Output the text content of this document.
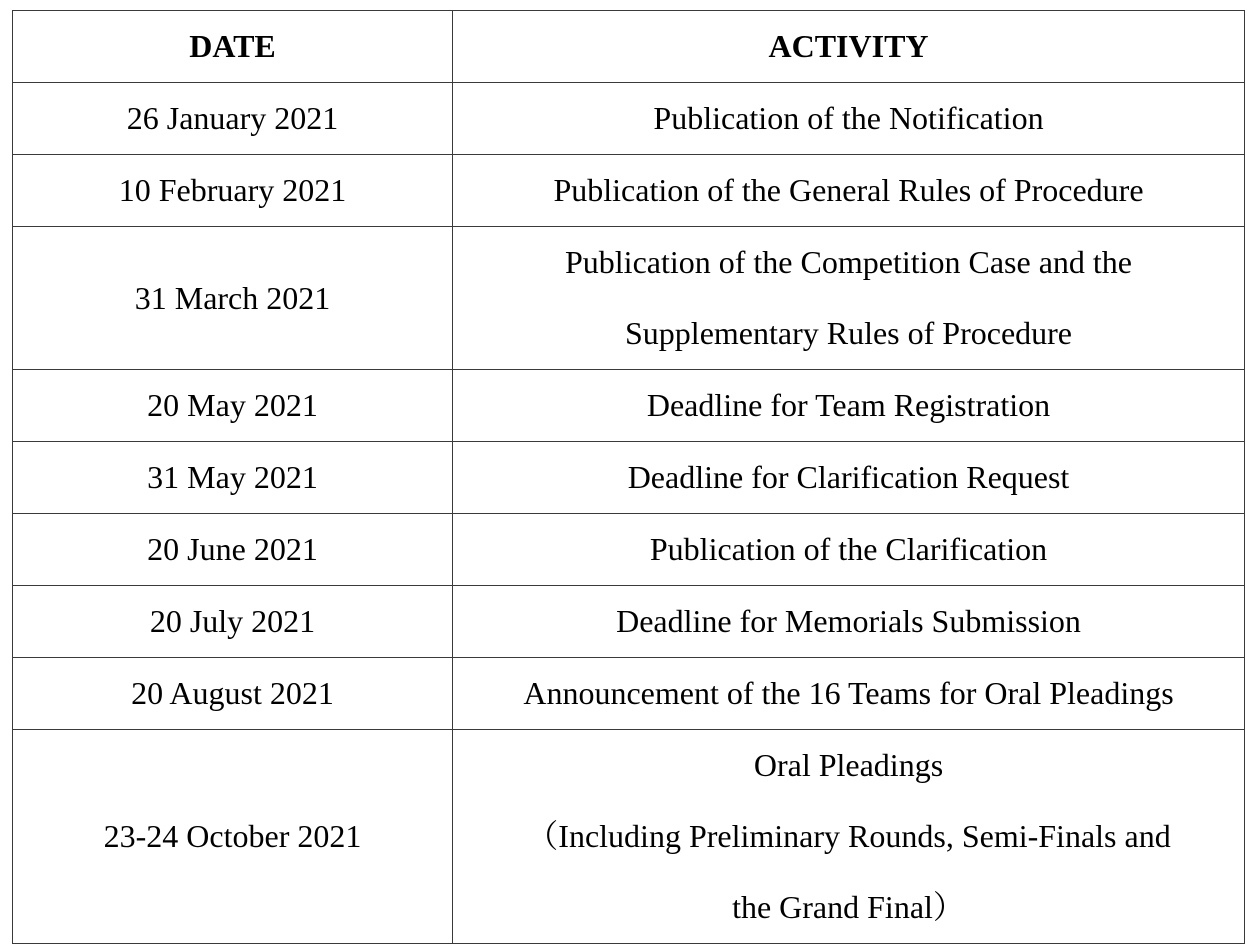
DATE	ACTIVITY
26 January 2021	Publication of the Notification

10 February 2021	Publication of the General Rules of Procedure

31 March 2021	Publication of the Competition Case and the
Supplementary Rules of Procedure

20 May 2021	Deadline for Team Registration

31 May 2021	Deadline for Clarification Request

20 June 2021	Publication of the Clarification

20 July 2021	Deadline for Memorials Submission

20 August 2021	Announcement of the 16 Teams for Oral Pleadings

23-24 October 2021	Oral Pleadings
（Including Preliminary Rounds, Semi-Finals and
the Grand Final）
